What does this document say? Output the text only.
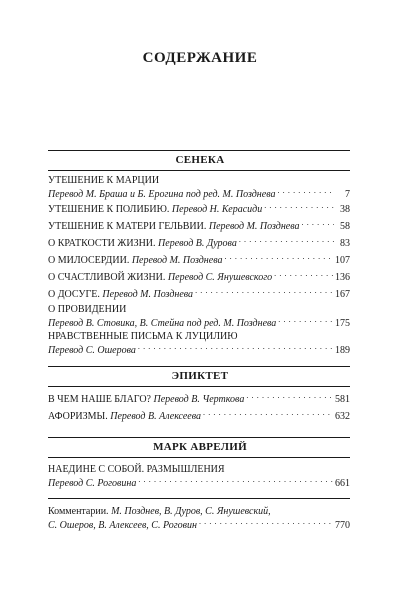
СОДЕРЖАНИЕ
СЕНЕКА
УТЕШЕНИЕ К МАРЦИИ
Перевод М. Браша и Б. Ерогина под ред. М. Позднева . . .	7
УТЕШЕНИЕ К ПОЛИБИЮ.
Перевод Н. Керасиди . . .	38
УТЕШЕНИЕ К МАТЕРИ ГЕЛЬВИИ.
Перевод М. Позднева . . .	58
О КРАТКОСТИ ЖИЗНИ.
Перевод В. Дурова . . .	83
О МИЛОСЕРДИИ.
Перевод М. Позднева . . .	107
О СЧАСТЛИВОЙ ЖИЗНИ.
Перевод С. Янушевского . . .	136
О ДОСУГЕ.
Перевод М. Позднева . . .	167
О ПРОВИДЕНИИ
Перевод В. Стовика, В. Стейна под ред. М. Позднева . . .	175
НРАВСТВЕННЫЕ ПИСЬМА К ЛУЦИЛИЮ
Перевод С. Ошерова . . .	189
ЭПИКТЕТ
В ЧЕМ НАШЕ БЛАГО?
Перевод В. Черткова . . .	581
АФОРИЗМЫ.
Перевод В. Алексеева . . .	632
МАРК АВРЕЛИЙ
НАЕДИНЕ С СОБОЙ. РАЗМЫШЛЕНИЯ
Перевод С. Роговина . . .	661
Комментарии.
М. Позднев, В. Дуров, С. Янушевский,
С. Ошеров, В. Алексеев, С. Роговин . . .	770
